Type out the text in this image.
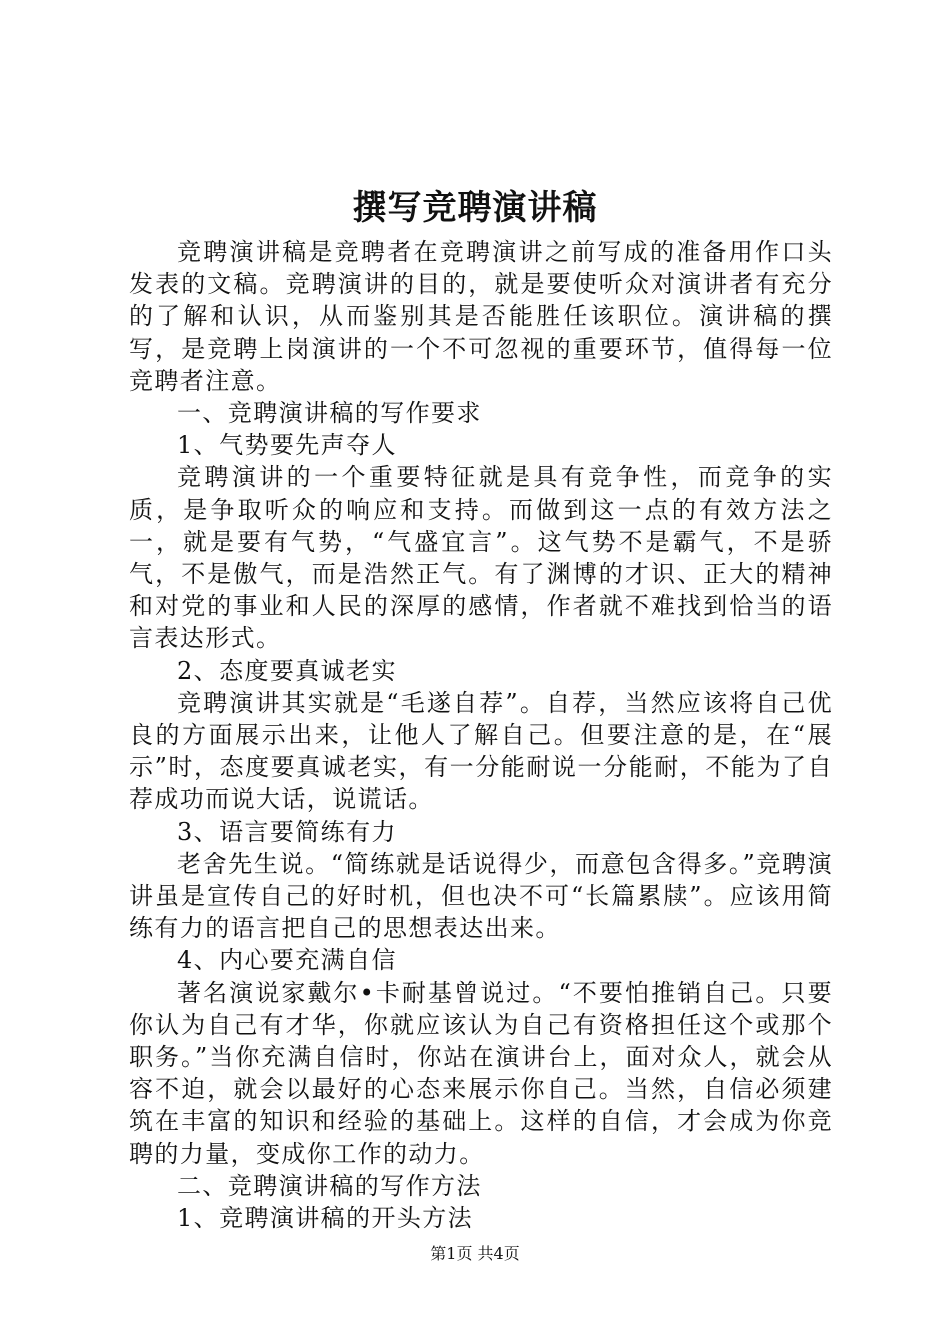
撰写竞聘演讲稿

竞聘演讲稿是竞聘者在竞聘演讲之前写成的准备用作口头发表的文稿。竞聘演讲的目的，就是要使听众对演讲者有充分的了解和认识，从而鉴别其是否能胜任该职位。演讲稿的撰写，是竞聘上岗演讲的一个不可忽视的重要环节，值得每一位竞聘者注意。

一、竞聘演讲稿的写作要求

1、气势要先声夺人

竞聘演讲的一个重要特征就是具有竞争性，而竞争的实质，是争取听众的响应和支持。而做到这一点的有效方法之一，就是要有气势，“气盛宜言”。这气势不是霸气，不是骄气，不是傲气，而是浩然正气。有了渊博的才识、正大的精神和对党的事业和人民的深厚的感情，作者就不难找到恰当的语言表达形式。

2、态度要真诚老实

竞聘演讲其实就是“毛遂自荐”。自荐，当然应该将自己优良的方面展示出来，让他人了解自己。但要注意的是，在“展示”时，态度要真诚老实，有一分能耐说一分能耐，不能为了自荐成功而说大话，说谎话。

3、语言要简练有力

老舍先生说。“简练就是话说得少，而意包含得多。”竞聘演讲虽是宣传自己的好时机，但也决不可“长篇累牍”。应该用简练有力的语言把自己的思想表达出来。

4、内心要充满自信

著名演说家戴尔•卡耐基曾说过。“不要怕推销自己。只要你认为自己有才华，你就应该认为自己有资格担任这个或那个职务。”当你充满自信时，你站在演讲台上，面对众人，就会从容不迫，就会以最好的心态来展示你自己。当然，自信必须建筑在丰富的知识和经验的基础上。这样的自信，才会成为你竞聘的力量，变成你工作的动力。

二、竞聘演讲稿的写作方法

1、竞聘演讲稿的开头方法

第1页 共4页
